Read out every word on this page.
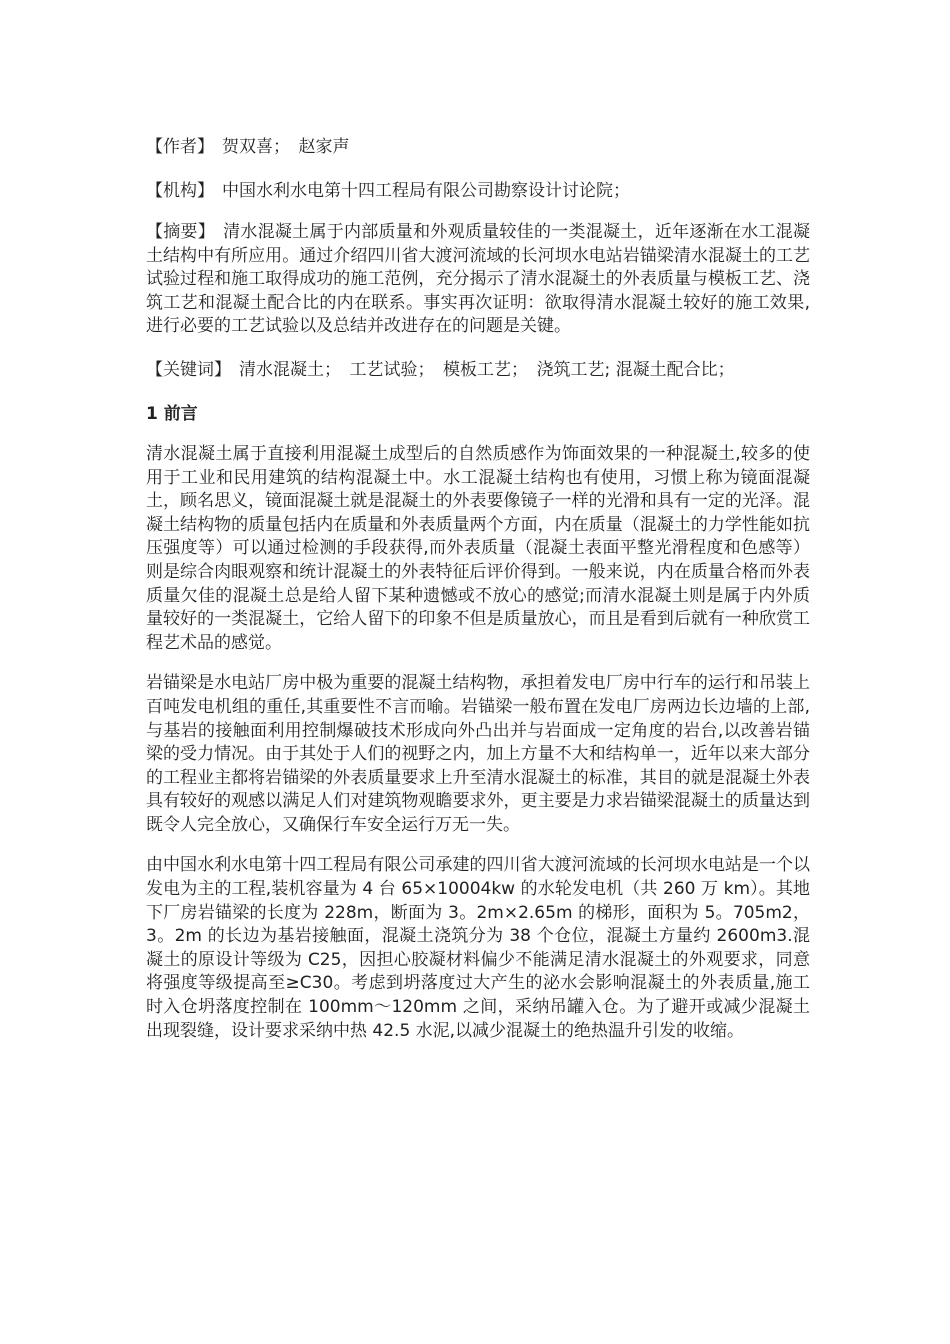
【作者】 贺双喜；　赵家声
【机构】 中国水利水电第十四工程局有限公司勘察设计讨论院；
【摘要】 清水混凝土属于内部质量和外观质量较佳的一类混凝土，近年逐渐在水工混凝土结构中有所应用。通过介绍四川省大渡河流域的长河坝水电站岩锚梁清水混凝土的工艺试验过程和施工取得成功的施工范例，充分揭示了清水混凝土的外表质量与模板工艺、浇筑工艺和混凝土配合比的内在联系。事实再次证明：欲取得清水混凝土较好的施工效果,进行必要的工艺试验以及总结并改进存在的问题是关键。
【关键词】 清水混凝土；　工艺试验；　模板工艺；　浇筑工艺; 混凝土配合比；
1 前言
清水混凝土属于直接利用混凝土成型后的自然质感作为饰面效果的一种混凝土,较多的使用于工业和民用建筑的结构混凝土中。水工混凝土结构也有使用，习惯上称为镜面混凝土，顾名思义，镜面混凝土就是混凝土的外表要像镜子一样的光滑和具有一定的光泽。混凝土结构物的质量包括内在质量和外表质量两个方面，内在质量（混凝土的力学性能如抗压强度等）可以通过检测的手段获得,而外表质量（混凝土表面平整光滑程度和色感等）则是综合肉眼观察和统计混凝土的外表特征后评价得到。一般来说，内在质量合格而外表质量欠佳的混凝土总是给人留下某种遗憾或不放心的感觉;而清水混凝土则是属于内外质量较好的一类混凝土，它给人留下的印象不但是质量放心，而且是看到后就有一种欣赏工程艺术品的感觉。
岩锚梁是水电站厂房中极为重要的混凝土结构物，承担着发电厂房中行车的运行和吊装上百吨发电机组的重任,其重要性不言而喻。岩锚梁一般布置在发电厂房两边长边墙的上部,与基岩的接触面利用控制爆破技术形成向外凸出并与岩面成一定角度的岩台,以改善岩锚梁的受力情况。由于其处于人们的视野之内，加上方量不大和结构单一，近年以来大部分的工程业主都将岩锚梁的外表质量要求上升至清水混凝土的标准，其目的就是混凝土外表具有较好的观感以满足人们对建筑物观瞻要求外，更主要是力求岩锚梁混凝土的质量达到既令人完全放心，又确保行车安全运行万无一失。
由中国水利水电第十四工程局有限公司承建的四川省大渡河流域的长河坝水电站是一个以发电为主的工程,装机容量为 4 台 65×10004kw 的水轮发电机（共 260 万 km）。其地下厂房岩锚梁的长度为 228m，断面为 3。2m×2.65m 的梯形，面积为 5。705m2，3。2m 的长边为基岩接触面，混凝土浇筑分为 38 个仓位，混凝土方量约 2600m3.混凝土的原设计等级为 C25，因担心胶凝材料偏少不能满足清水混凝土的外观要求，同意将强度等级提高至≥C30。考虑到坍落度过大产生的泌水会影响混凝土的外表质量,施工时入仓坍落度控制在 100mm～120mm 之间，采纳吊罐入仓。为了避开或减少混凝土出现裂缝，设计要求采纳中热 42.5 水泥,以减少混凝土的绝热温升引发的收缩。
